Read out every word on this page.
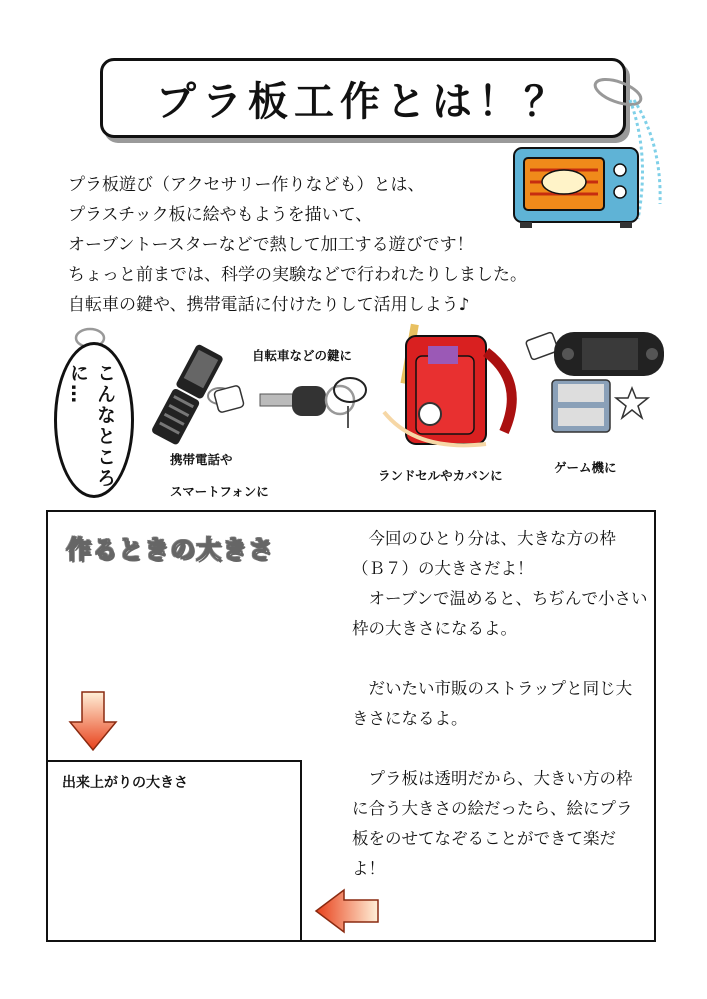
プラ板工作とは！？
プラ板遊び（アクセサリー作りなども）とは、
プラスチック板に絵やもようを描いて、
オーブントースターなどで熱して加工する遊びです！
ちょっと前までは、科学の実験などで行われたりしました。
自転車の鍵や、携帯電話に付けたりして活用しよう♪
こんなところに…
携帯電話や
スマートフォンに
自転車などの鍵に
ランドセルやカバンに
ゲーム機に
作るときの大きさ
出来上がりの大きさ

　今回のひとり分は、大きな方の枠（Ｂ７）の大きさだよ！

　オーブンで温めると、ちぢんで小さい枠の大きさになるよ。

　だいたい市販のストラップと同じ大きさになるよ。

　プラ板は透明だから、大きい方の枠に合う大きさの絵だったら、絵にプラ板をのせてなぞることができて楽だよ！
